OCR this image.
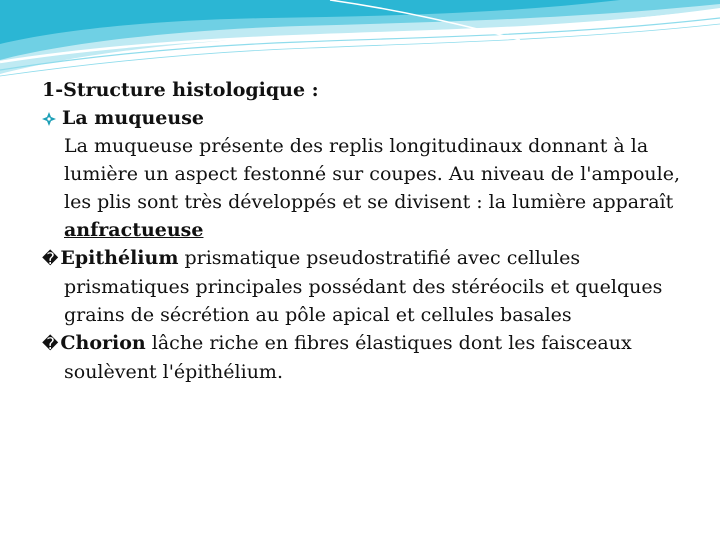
1-Structure histologique :
La muqueuse
La muqueuse présente des replis longitudinaux donnant à la lumière un aspect festonné sur coupes. Au niveau de l'ampoule, les plis sont très développés et se divisent : la lumière apparaît anfractueuse
� Epithélium prismatique pseudostratifié avec cellules prismatiques principales possédant des stéréocils et quelques grains de sécrétion au pôle apical et cellules basales
� Chorion lâche riche en fibres élastiques dont les faisceaux soulèvent l'épithélium.
